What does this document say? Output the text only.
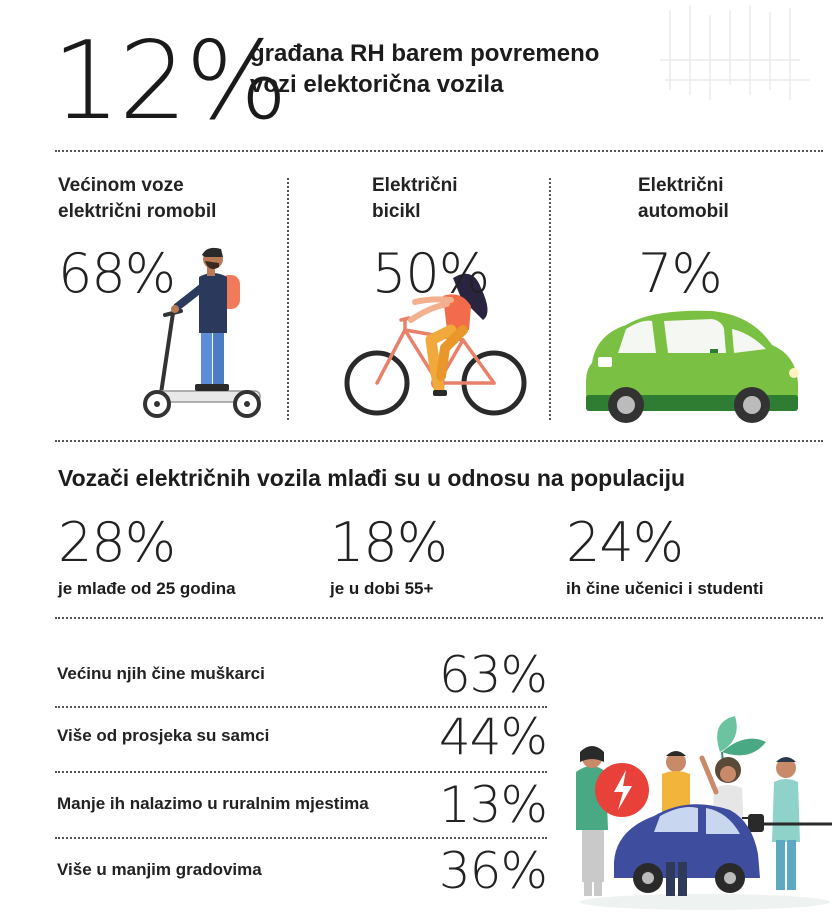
12%
građana RH barem povremeno
vozi elektorična vozila
Većinom voze
električni romobil
68%
Električni
bicikl
Električni
automobil
7%
50%
Vozači električnih vozila mlađi su u odnosu na populaciju
28%
je mlađe od 25 godina
18%
je u dobi 55+
24%
ih čine učenici i studenti
Većinu njih čine muškarci	63%
Više od prosjeka su samci	44%
Manje ih nalazimo u ruralnim mjestima 13%
Više u manjim gradovima	36%
